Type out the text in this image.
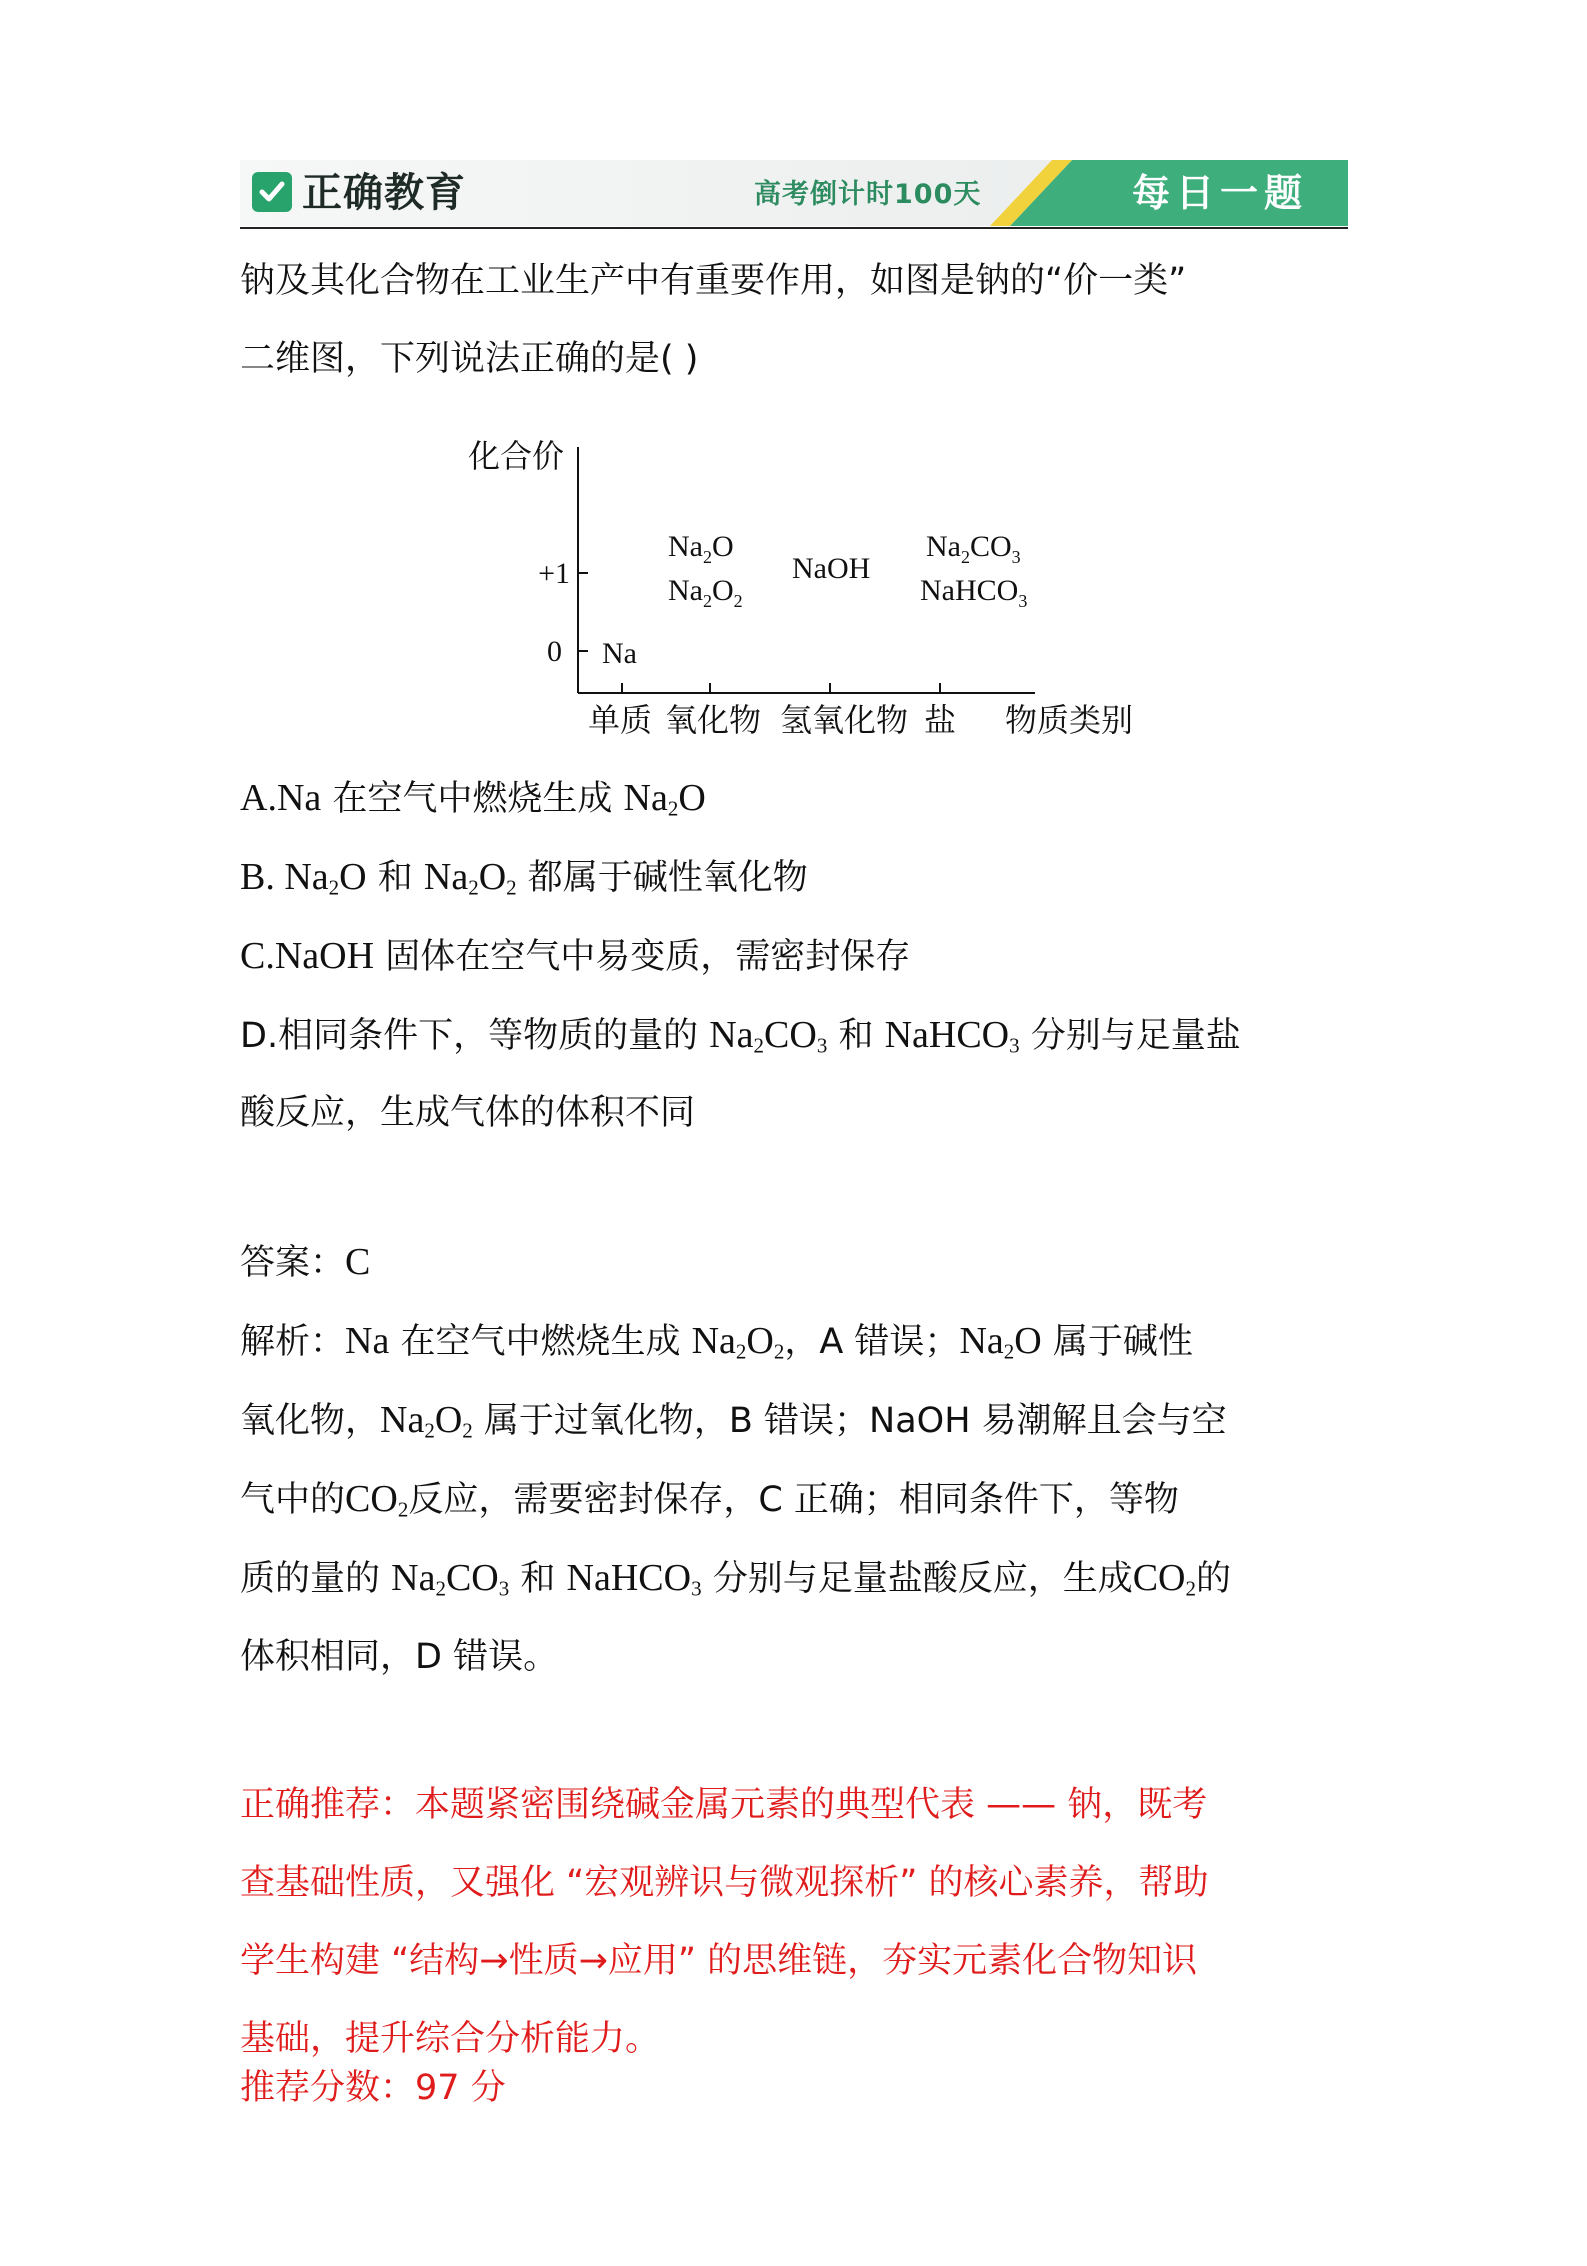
正确教育	高考倒计时100天	每日一题
钠及其化合物在工业生产中有重要作用，如图是钠的“价一类”
二维图，下列说法正确的是( )
化合价
单质 氧化物 氢氧化物 盐 物质类别
+1
0 Na
$Na_2O$
$Na_2O_2$
NaOH
$Na_2CO_3$
NaHCO$_3$
A.Na 在空气中燃烧生成 $Na_2O$
B. $Na_2O$ 和 $Na_2O_2$ 都属于碱性氧化物
C.NaOH 固体在空气中易变质，需密封保存
D.相同条件下，等物质的量的 $Na_2CO_3$ 和 NaHCO$_3$ 分别与足量盐
酸反应，生成气体的体积不同
答案：C
解析：Na 在空气中燃烧生成 $Na_2O_2$，A 错误；$Na_2O$ 属于碱性
氧化物，$Na_2O_2$ 属于过氧化物，B 错误；NaOH 易潮解且会与空
气中的$CO_2$反应，需要密封保存，C 正确；相同条件下，等物
质的量的 $Na_2CO_3$ 和 NaHCO$_3$ 分别与足量盐酸反应，生成$CO_2$的
体积相同，D 错误。
正确推荐：本题紧密围绕碱金属元素的典型代表 —— 钠，既考
查基础性质，又强化 “宏观辨识与微观探析” 的核心素养，帮助
学生构建 “结构→性质→应用” 的思维链，夯实元素化合物知识
基础，提升综合分析能力。
推荐分数：97 分
